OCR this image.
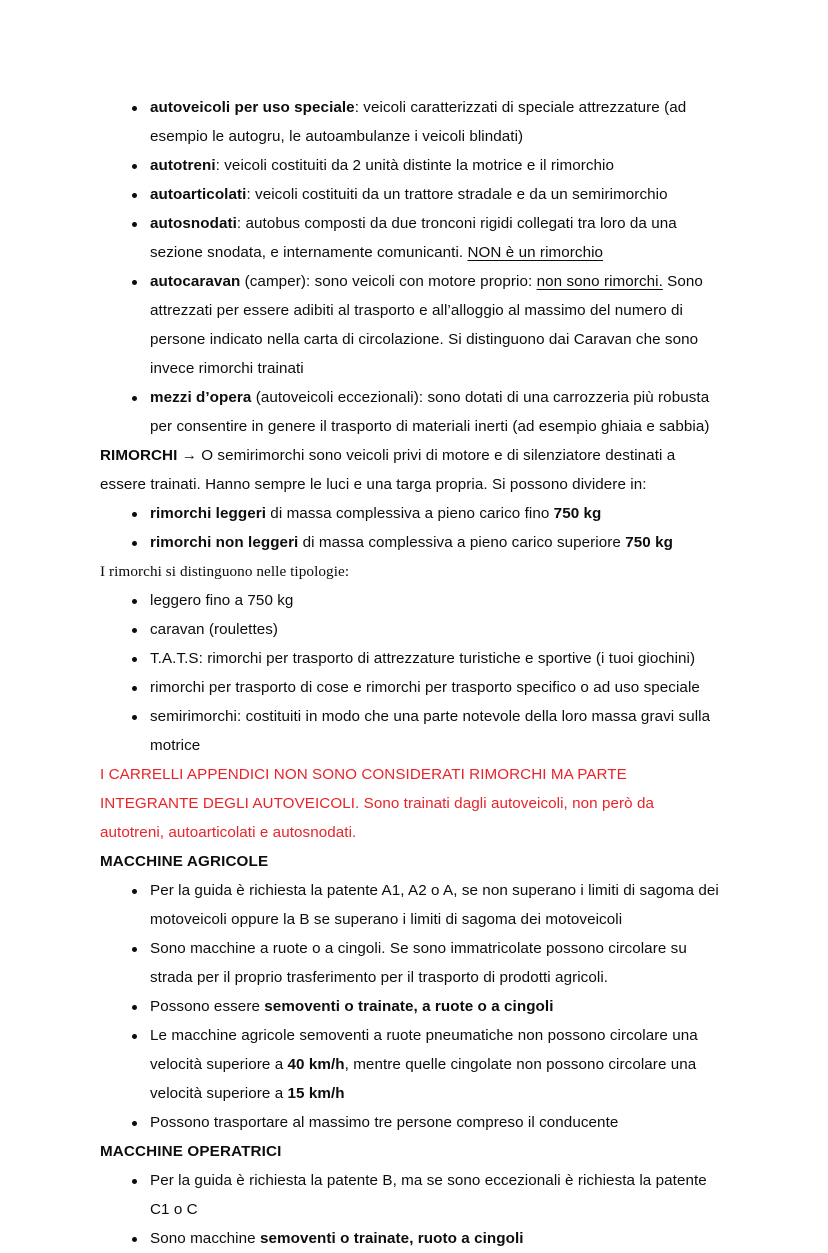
autoveicoli per uso speciale: veicoli caratterizzati di speciale attrezzature (ad esempio le autogru, le autoambulanze i veicoli blindati)
autotreni: veicoli costituiti da 2 unità distinte la motrice e il rimorchio
autoarticolati: veicoli costituiti da un trattore stradale e da un semirimorchio
autosnodati: autobus composti da due tronconi rigidi collegati tra loro da una sezione snodata, e internamente comunicanti. NON è un rimorchio
autocaravan (camper): sono veicoli con motore proprio: non sono rimorchi. Sono attrezzati per essere adibiti al trasporto e all’alloggio al massimo del numero di persone indicato nella carta di circolazione. Si distinguono dai Caravan che sono invece rimorchi trainati
mezzi d’opera (autoveicoli eccezionali): sono dotati di una carrozzeria più robusta per consentire in genere il trasporto di materiali inerti (ad esempio ghiaia e sabbia)

RIMORCHI → O semirimorchi sono veicoli privi di motore e di silenziatore destinati a essere trainati. Hanno sempre le luci e una targa propria. Si possono dividere in:

rimorchi leggeri di massa complessiva a pieno carico fino 750 kg
rimorchi non leggeri di massa complessiva a pieno carico superiore 750 kg

I rimorchi si distinguono nelle tipologie:

leggero fino a 750 kg
caravan (roulettes)
T.A.T.S: rimorchi per trasporto di attrezzature turistiche e sportive (i tuoi giochini)
rimorchi per trasporto di cose e rimorchi per trasporto specifico o ad uso speciale
semirimorchi: costituiti in modo che una parte notevole della loro massa gravi sulla motrice

I CARRELLI APPENDICI NON SONO CONSIDERATI RIMORCHI MA PARTE INTEGRANTE DEGLI AUTOVEICOLI. Sono trainati dagli autoveicoli, non però da autotreni, autoarticolati e autosnodati.

MACCHINE AGRICOLE

Per la guida è richiesta la patente A1, A2 o A, se non superano i limiti di sagoma dei motoveicoli oppure la B se superano i limiti di sagoma dei motoveicoli
Sono macchine a ruote o a cingoli. Se sono immatricolate possono circolare su strada per il proprio trasferimento per il trasporto di prodotti agricoli.
Possono essere semoventi o trainate, a ruote o a cingoli
Le macchine agricole semoventi a ruote pneumatiche non possono circolare una velocità superiore a 40 km/h, mentre quelle cingolate non possono circolare una velocità superiore a 15 km/h
Possono trasportare al massimo tre persone compreso il conducente

MACCHINE OPERATRICI

Per la guida è richiesta la patente B, ma se sono eccezionali è richiesta la patente C1 o C
Sono macchine semoventi o trainate, ruoto a cingoli
